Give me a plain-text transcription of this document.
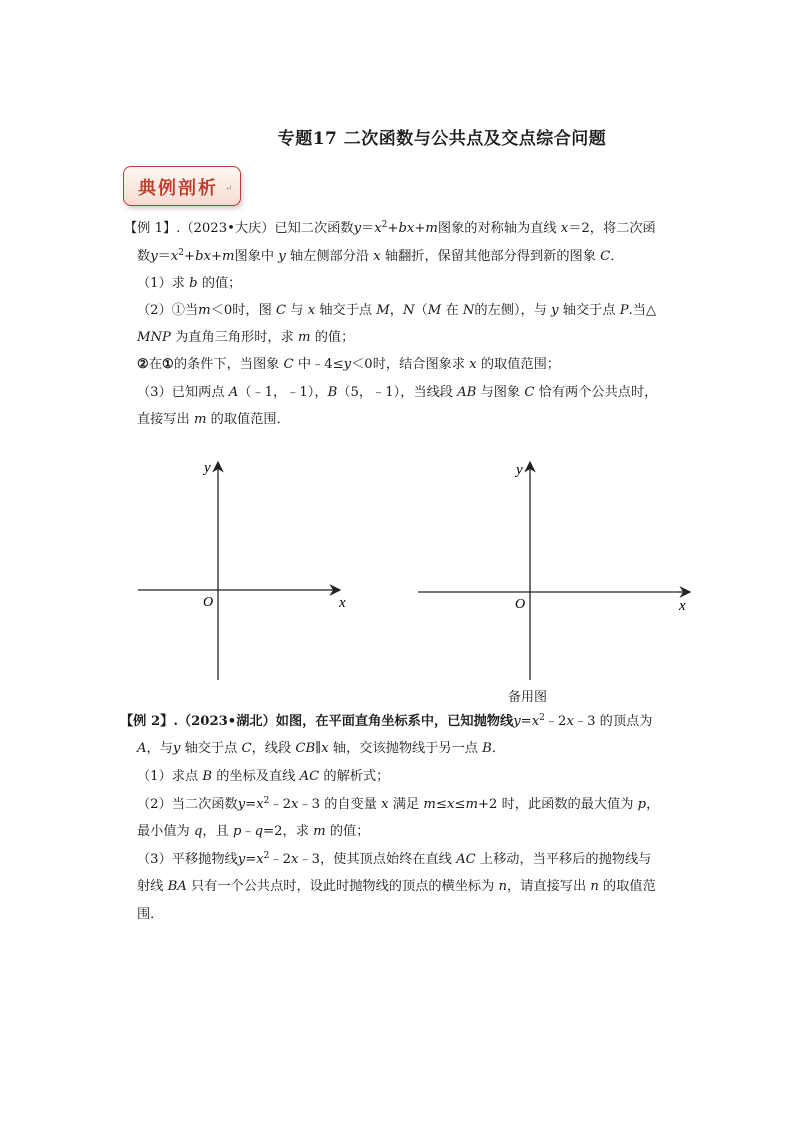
专题17 二次函数与公共点及交点综合问题
典例剖析 ↵
【例 1】.（2023•大庆）已知二次函数$y=x^2+bx+m$图象的对称轴为直线 x＝2，将二次函
数$y=x^2+bx+m$图象中 y 轴左侧部分沿 x 轴翻折，保留其他部分得到新的图象 C．
（1）求 b 的值；
（2）①当m＜0时，图 C 与 x 轴交于点 M，N（M 在 N的左侧），与 y 轴交于点 P.当△
MNP 为直角三角形时，求 m 的值；
②在①的条件下，当图象 C 中﹣4≤y＜0时，结合图象求 x 的取值范围；
（3）已知两点 A（﹣1，﹣1），B（5，﹣1），当线段 AB 与图象 C 恰有两个公共点时，
直接写出 m 的取值范围．
y
x
O
y
x
O
备用图
【例 2】.（2023•湖北）如图，在平面直角坐标系中，已知抛物线$y=x^2﹣2x﹣3$ 的顶点为
A，与y 轴交于点 C，线段 CB∥x 轴，交该抛物线于另一点 B．
（1）求点 B 的坐标及直线 AC 的解析式；
（2）当二次函数$y=x^2﹣2x﹣3$ 的自变量 x 满足 m≤x≤m+2 时，此函数的最大值为 p，
最小值为 q，且 p﹣q=2，求 m 的值；
（3）平移抛物线$y=x^2﹣2x﹣3$，使其顶点始终在直线 AC 上移动，当平移后的抛物线与
射线 BA 只有一个公共点时，设此时抛物线的顶点的横坐标为 n，请直接写出 n 的取值范
围．
